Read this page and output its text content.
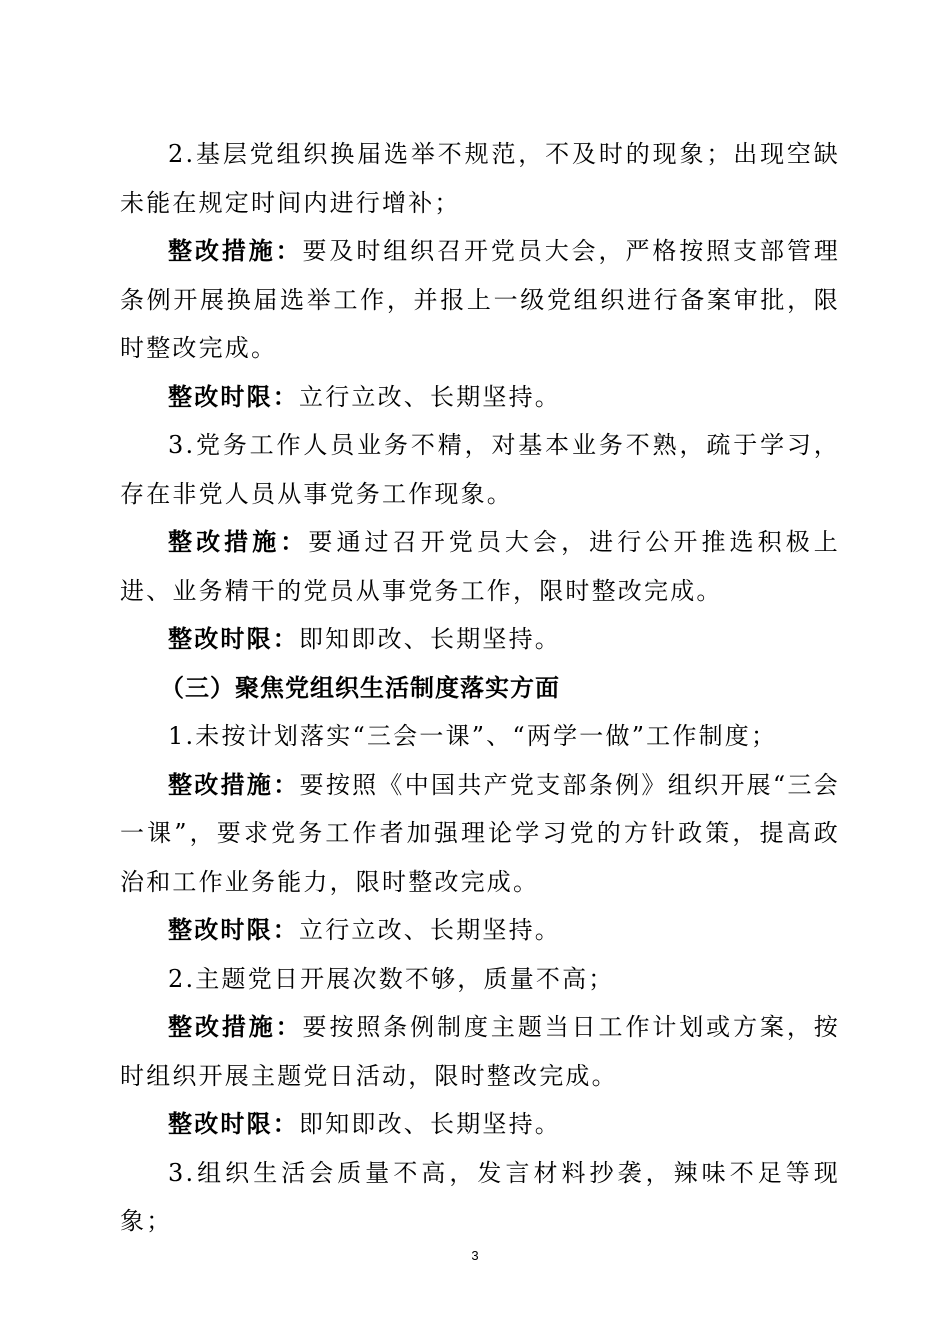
2.基层党组织换届选举不规范，不及时的现象；出现空缺未能在规定时间内进行增补；

整改措施：要及时组织召开党员大会，严格按照支部管理条例开展换届选举工作，并报上一级党组织进行备案审批，限时整改完成。

整改时限：立行立改、长期坚持。

3.党务工作人员业务不精，对基本业务不熟，疏于学习，存在非党人员从事党务工作现象。

整改措施：要通过召开党员大会，进行公开推选积极上进、业务精干的党员从事党务工作，限时整改完成。

整改时限：即知即改、长期坚持。

（三）聚焦党组织生活制度落实方面

1.未按计划落实“三会一课”、“两学一做”工作制度；

整改措施：要按照《中国共产党支部条例》组织开展“三会一课”，要求党务工作者加强理论学习党的方针政策，提高政治和工作业务能力，限时整改完成。

整改时限：立行立改、长期坚持。

2.主题党日开展次数不够，质量不高；

整改措施：要按照条例制度主题当日工作计划或方案，按时组织开展主题党日活动，限时整改完成。

整改时限：即知即改、长期坚持。

3.组织生活会质量不高，发言材料抄袭，辣味不足等现象；

3
